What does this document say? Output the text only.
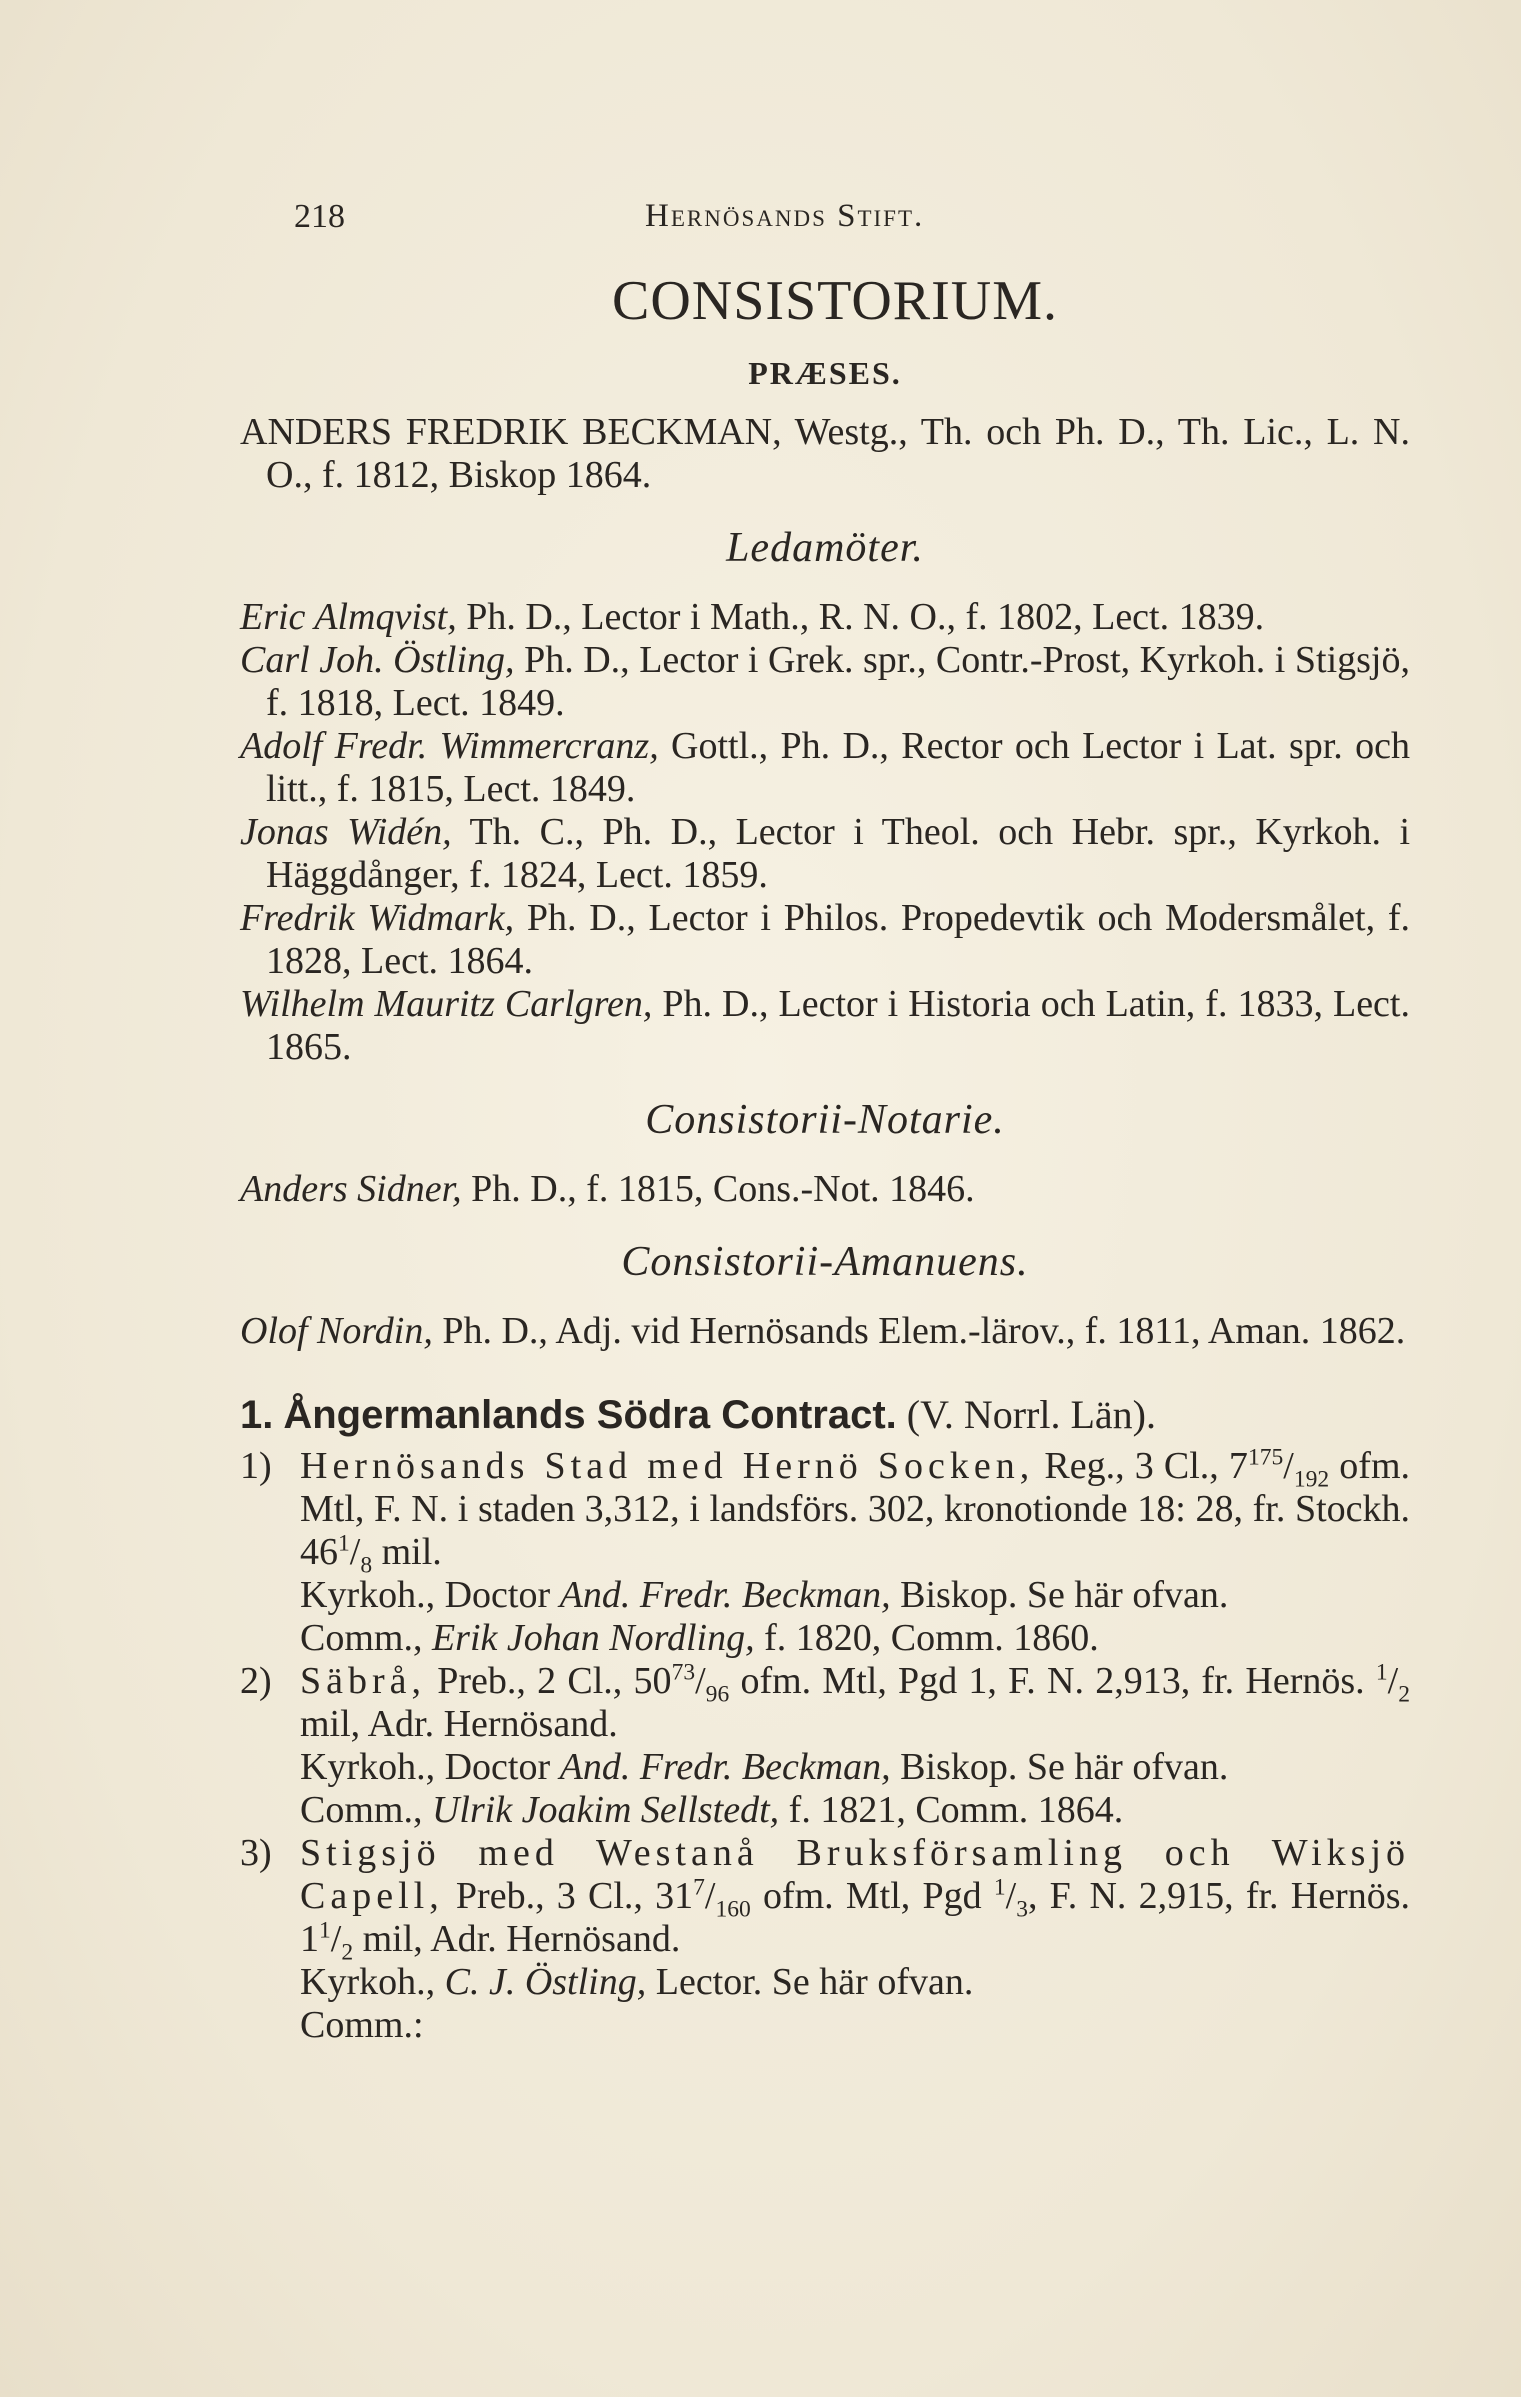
218	Hernösands Stift.
CONSISTORIUM.
PRÆSES.

ANDERS FREDRIK BECKMAN, Westg., Th. och Ph. D., Th. Lic., L. N. O., f. 1812, Biskop 1864.

Ledamöter.

Eric Almqvist, Ph. D., Lector i Math., R. N. O., f. 1802, Lect. 1839.

Carl Joh. Östling, Ph. D., Lector i Grek. spr., Contr.-Prost, Kyrkoh. i Stigsjö, f. 1818, Lect. 1849.

Adolf Fredr. Wimmercranz, Gottl., Ph. D., Rector och Lector i Lat. spr. och litt., f. 1815, Lect. 1849.

Jonas Widén, Th. C., Ph. D., Lector i Theol. och Hebr. spr., Kyrkoh. i Häggdånger, f. 1824, Lect. 1859.

Fredrik Widmark, Ph. D., Lector i Philos. Propedevtik och Modersmålet, f. 1828, Lect. 1864.

Wilhelm Mauritz Carlgren, Ph. D., Lector i Historia och Latin, f. 1833, Lect. 1865.

Consistorii-Notarie.

Anders Sidner, Ph. D., f. 1815, Cons.-Not. 1846.

Consistorii-Amanuens.

Olof Nordin, Ph. D., Adj. vid Hernösands Elem.-lärov., f. 1811, Aman. 1862.

1. Ångermanlands Södra Contract. (V. Norrl. Län).
1) Hernösands Stad med Hernö Socken, Reg., 3 Cl., $7^{175}/_{192}$ ofm. Mtl, F. N. i staden 3,312, i landsförs. 302, kronotionde 18: 28, fr. Stockh. $46^1/_8$ mil.

Kyrkoh., Doctor And. Fredr. Beckman, Biskop. Se här ofvan.

Comm., Erik Johan Nordling, f. 1820, Comm. 1860.

2) Säbrå, Preb., 2 Cl., $50^{73}/_{96}$ ofm. Mtl, Pgd 1, F. N. 2,913, fr. Hernös. $^1/_2$ mil, Adr. Hernösand.

Kyrkoh., Doctor And. Fredr. Beckman, Biskop. Se här ofvan.

Comm., Ulrik Joakim Sellstedt, f. 1821, Comm. 1864.

3) Stigsjö med Westanå Bruksförsamling och Wiksjö Capell, Preb., 3 Cl., $31^7/_{160}$ ofm. Mtl, Pgd $^1/_3$, F. N. 2,915, fr. Hernös. $1^1/_2$ mil, Adr. Hernösand.

Kyrkoh., C. J. Östling, Lector. Se här ofvan.

Comm.:
